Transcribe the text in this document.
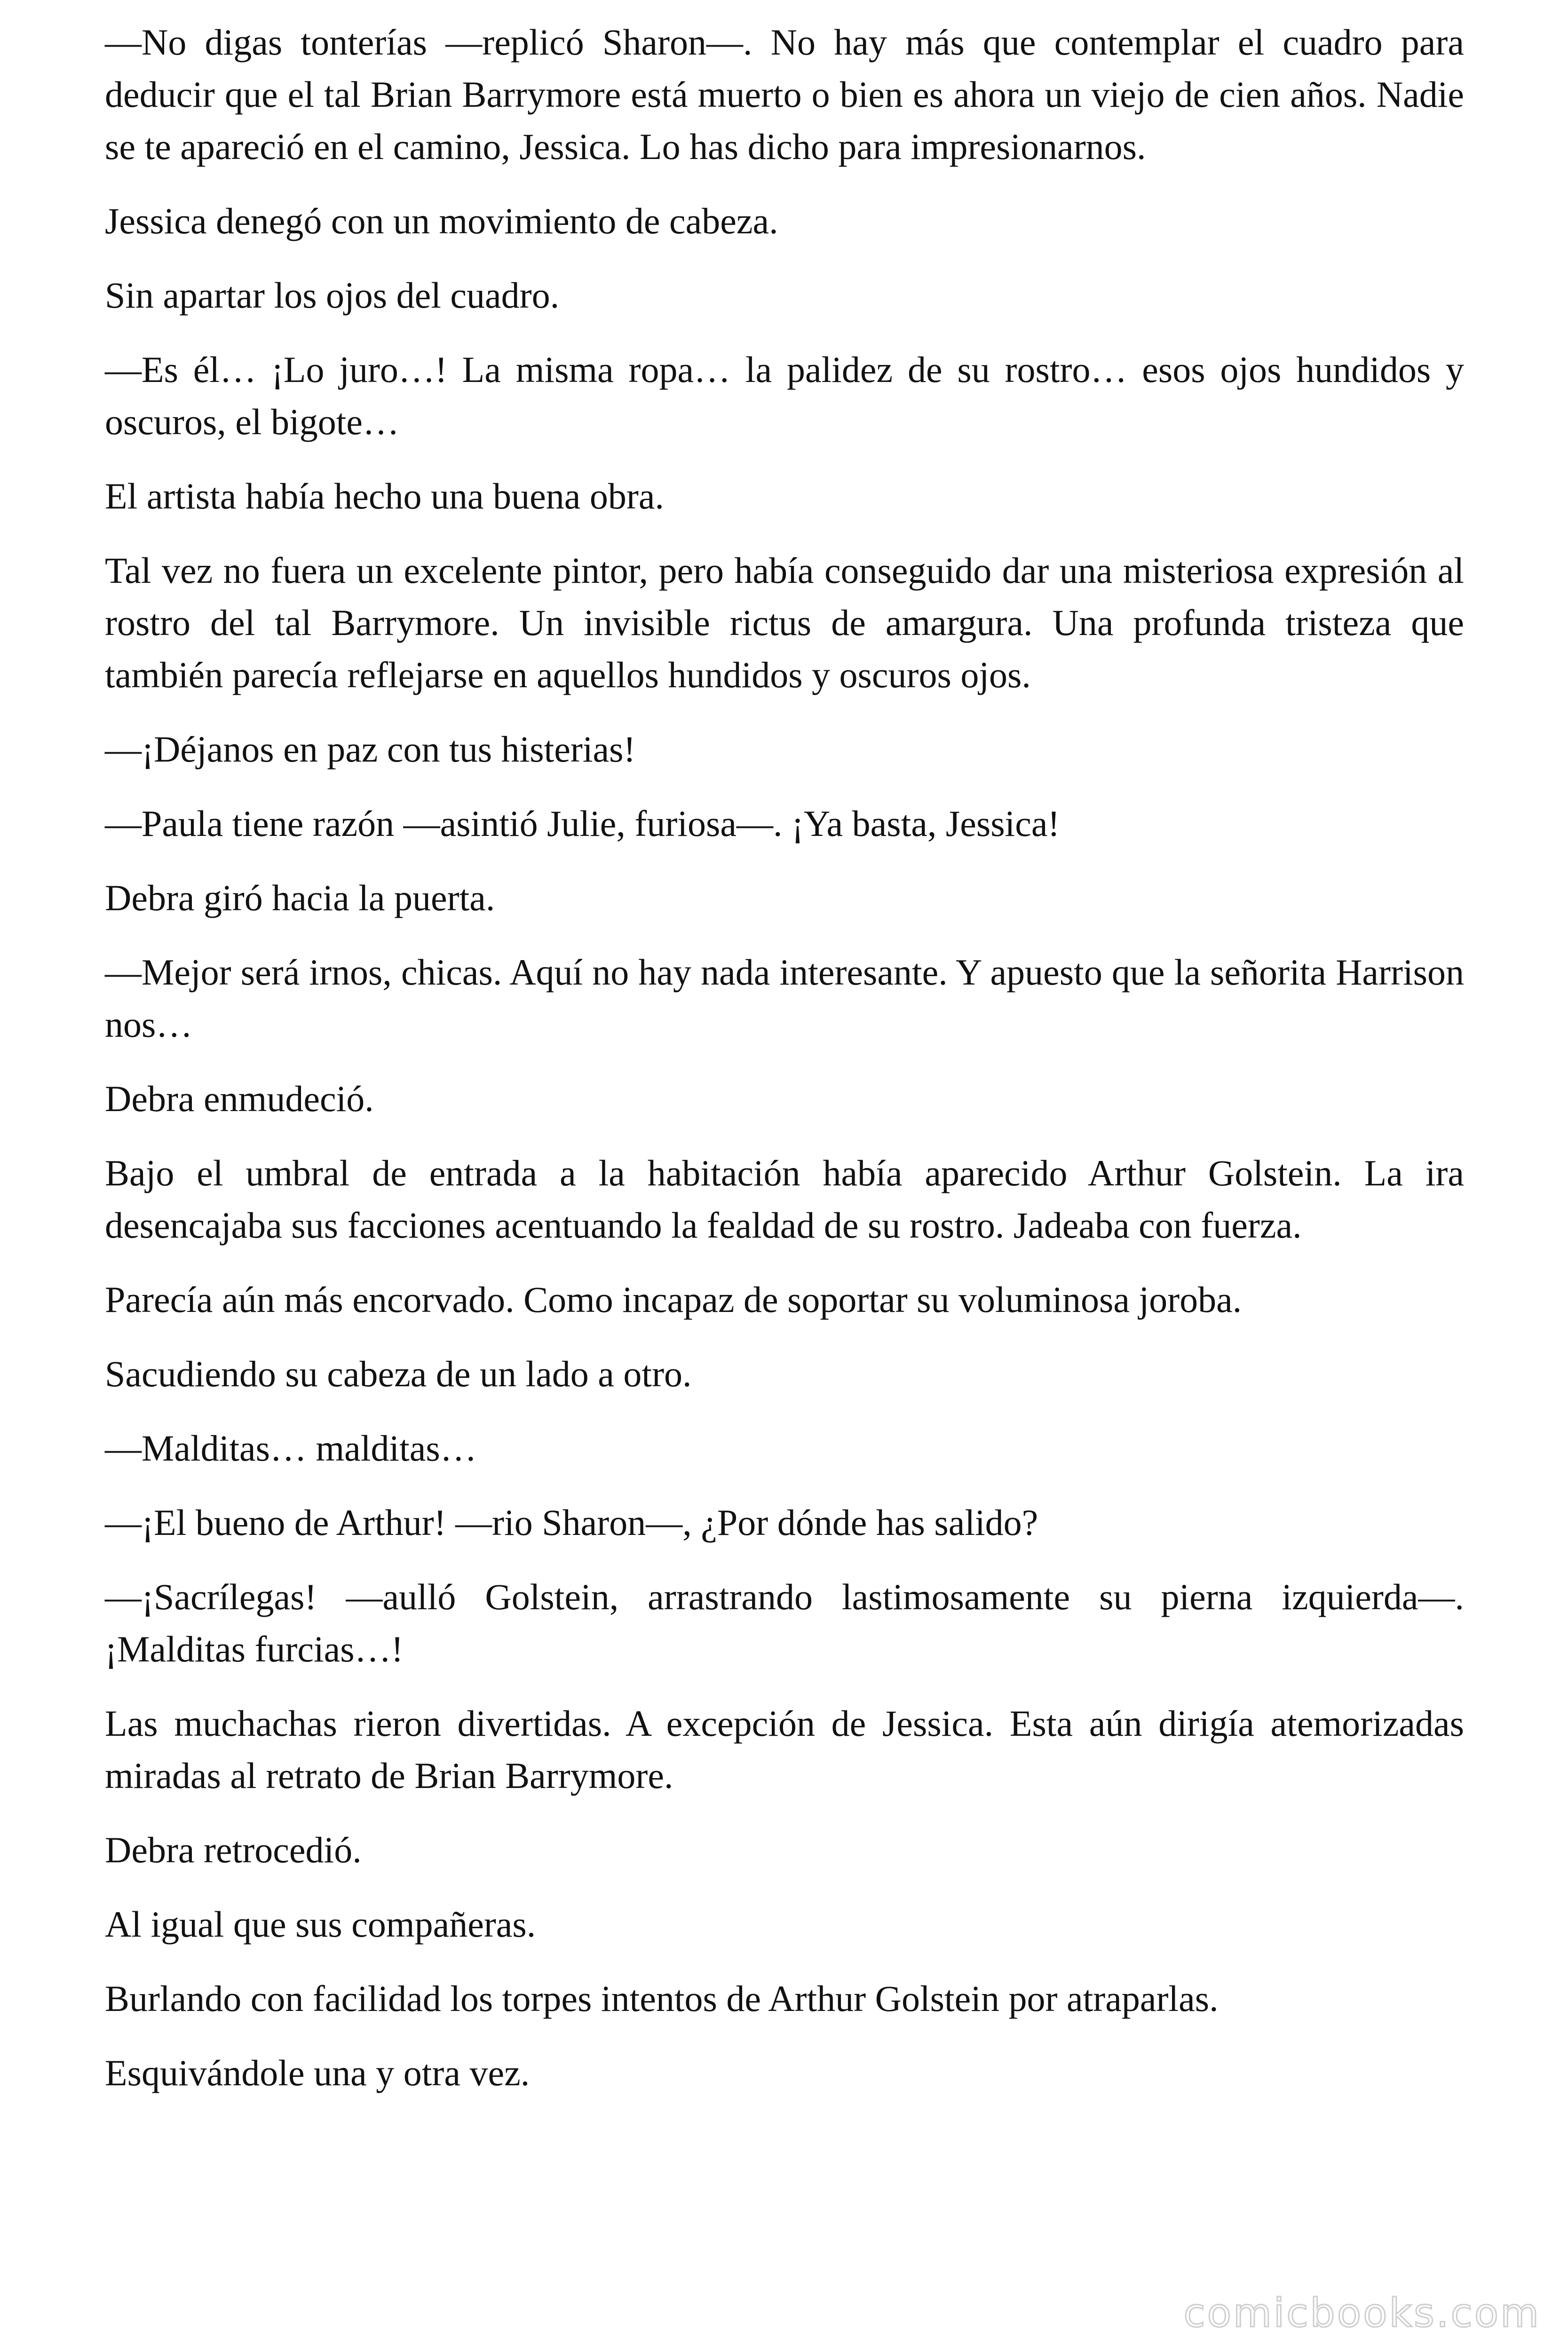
—No digas tonterías —replicó Sharon—. No hay más que contemplar el cuadro para deducir que el tal Brian Barrymore está muerto o bien es ahora un viejo de cien años. Nadie se te apareció en el camino, Jessica. Lo has dicho para impresionarnos.

Jessica denegó con un movimiento de cabeza.

Sin apartar los ojos del cuadro.

—Es él… ¡Lo juro…! La misma ropa… la palidez de su rostro… esos ojos hundidos y oscuros, el bigote…

El artista había hecho una buena obra.

Tal vez no fuera un excelente pintor, pero había conseguido dar una misteriosa expresión al rostro del tal Barrymore. Un invisible rictus de amargura. Una profunda tristeza que también parecía reflejarse en aquellos hundidos y oscuros ojos.

—¡Déjanos en paz con tus histerias!

—Paula tiene razón —asintió Julie, furiosa—. ¡Ya basta, Jessica!

Debra giró hacia la puerta.

—Mejor será irnos, chicas. Aquí no hay nada interesante. Y apuesto que la señorita Harrison nos…

Debra enmudeció.

Bajo el umbral de entrada a la habitación había aparecido Arthur Golstein. La ira desencajaba sus facciones acentuando la fealdad de su rostro. Jadeaba con fuerza.

Parecía aún más encorvado. Como incapaz de soportar su voluminosa joroba.

Sacudiendo su cabeza de un lado a otro.

—Malditas… malditas…

—¡El bueno de Arthur! —rio Sharon—, ¿Por dónde has salido?

—¡Sacrílegas! —aulló Golstein, arrastrando lastimosamente su pierna izquierda—. ¡Malditas furcias…!

Las muchachas rieron divertidas. A excepción de Jessica. Esta aún dirigía atemorizadas miradas al retrato de Brian Barrymore.

Debra retrocedió.

Al igual que sus compañeras.

Burlando con facilidad los torpes intentos de Arthur Golstein por atraparlas.

Esquivándole una y otra vez.

comicbooks.com
